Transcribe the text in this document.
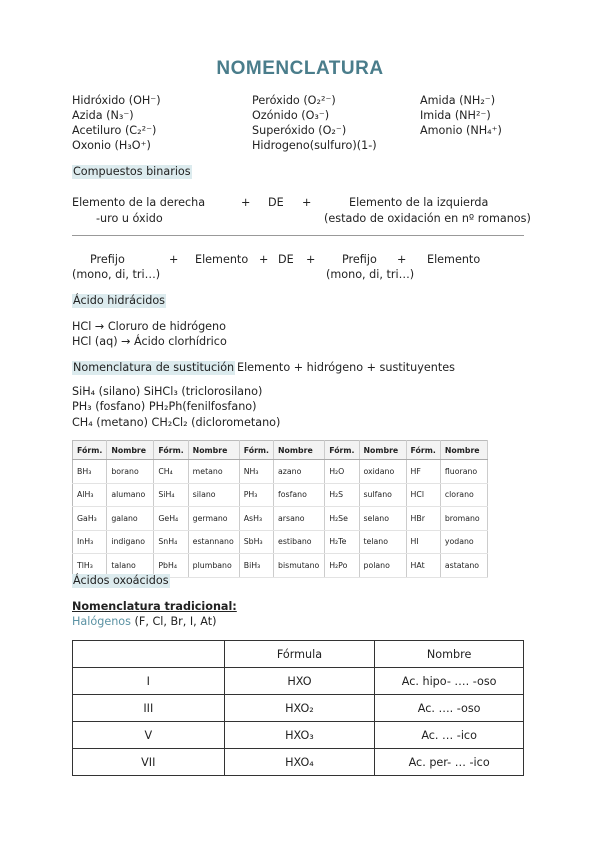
NOMENCLATURA
Hidróxido (OH⁻)	Peróxido (O₂²⁻)	Amida (NH₂⁻)
Azida (N₃⁻)	Ozónido (O₃⁻)	Imida (NH²⁻)
Acetiluro (C₂²⁻)	Superóxido (O₂⁻)	Amonio (NH₄⁺)
Oxonio (H₃O⁺)	Hidrogeno(sulfuro)(1-)
Compuestos binarios
Elemento de la derecha	+ DE +	Elemento de la izquierda
-uro u óxido	(estado de oxidación en nº romanos)
Prefijo	+ Elemento + DE + Prefijo + Elemento
(mono, di, tri…)	(mono, di, tri…)
Ácido hidrácidos
HCl → Cloruro de hidrógeno
HCl (aq) → Ácido clorhídrico
Nomenclatura de sustitución Elemento + hidrógeno + sustituyentes
SiH₄ (silano) SiHCl₃ (triclorosilano)
PH₃ (fosfano) PH₂Ph(fenilfosfano)
CH₄ (metano) CH₂Cl₂ (diclorometano)
Fórm.	Nombre	Fórm.	Nombre	Fórm.	Nombre	Fórm.	Nombre	Fórm.	Nombre
BH₃	borano	CH₄	metano	NH₃	azano	H₂O	oxidano	HF	fluorano
AlH₃	alumano	SiH₄	silano	PH₃	fosfano	H₂S	sulfano	HCl	clorano
GaH₃	galano	GeH₄	germano	AsH₃	arsano	H₂Se	selano	HBr	bromano
InH₃	indigano	SnH₄	estannano	SbH₃	estibano	H₂Te	telano	HI	yodano
TlH₃	talano	PbH₄	plumbano	BiH₃	bismutano	H₂Po	polano	HAt	astatano
Ácidos oxoácidos
Nomenclatura tradicional:
Halógenos (F, Cl, Br, I, At)
	Fórmula	Nombre
I	HXO	Ac. hipo- …. -oso
III	HXO₂	Ac. …. -oso
V	HXO₃	Ac. … -ico
VII	HXO₄	Ac. per- … -ico
